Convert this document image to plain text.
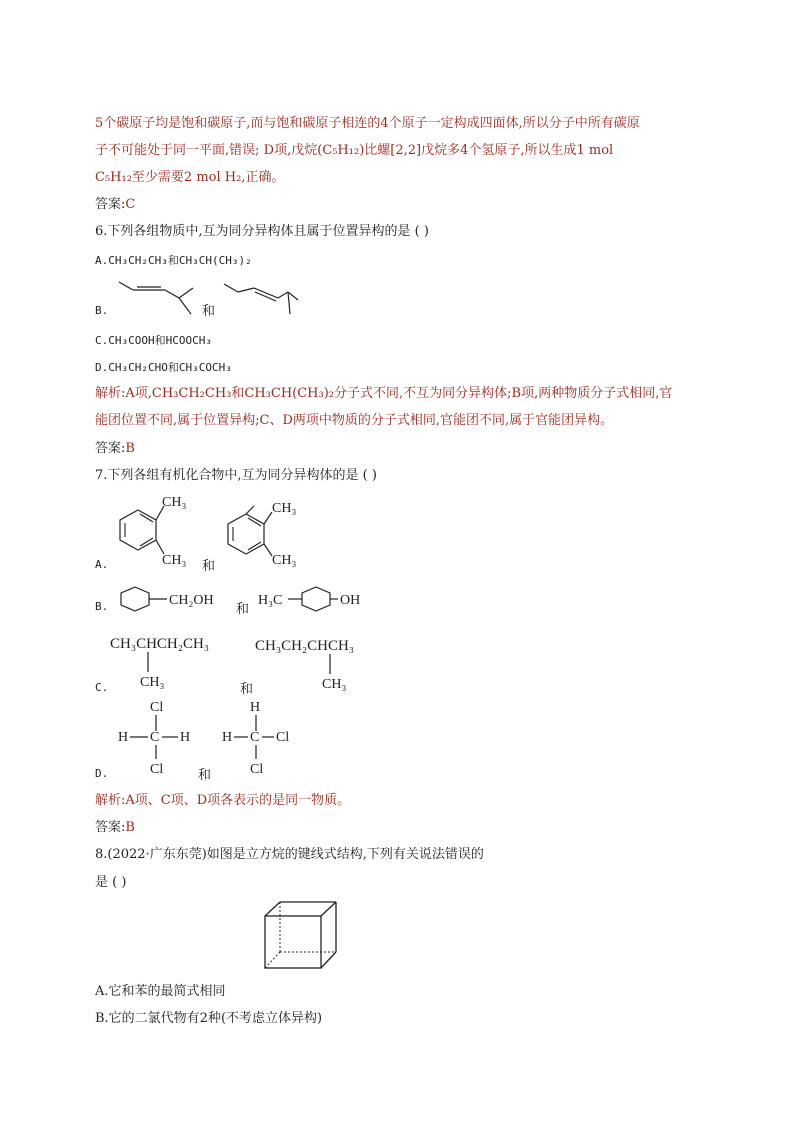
5个碳原子均是饱和碳原子,而与饱和碳原子相连的4个原子一定构成四面体,所以分子中所有碳原
子不可能处于同一平面,错误; D项,戊烷(C₅H₁₂)比螺[2,2]戊烷多4个氢原子,所以生成1 mol
C₅H₁₂至少需要2 mol H₂,正确。
答案:C
6.下列各组物质中,互为同分异构体且属于位置异构的是 ( )
A.CH₃CH₂CH₃和CH₃CH(CH₃)₂
B.	和
C.CH₃COOH和HCOOCH₃
D.CH₃CH₂CHO和CH₃COCH₃
解析:A项,CH₃CH₂CH₃和CH₃CH(CH₃)₂分子式不同,不互为同分异构体;B项,两种物质分子式相同,官
能团位置不同,属于位置异构;C、D两项中物质的分子式相同,官能团不同,属于官能团异构。
答案:B
7.下列各组有机化合物中,互为同分异构体的是 ( )
A.
CH₃
CH₃ 和
CH₃
CH₃
B.	CH₂OH
和
H₃C	OH
C.
CH₃CHCH₂CH₃
CH₃	和
CH₃CH₂CHCH₃
CH₃
D.
Cl
H C H
Cl	和
H
H C Cl
Cl
解析:A项、C项、D项各表示的是同一物质。
答案:B
8.(2022·广东东莞)如图是立方烷的键线式结构,下列有关说法错误的
是 ( )
A.它和苯的最简式相同
B.它的二氯代物有2种(不考虑立体异构)
